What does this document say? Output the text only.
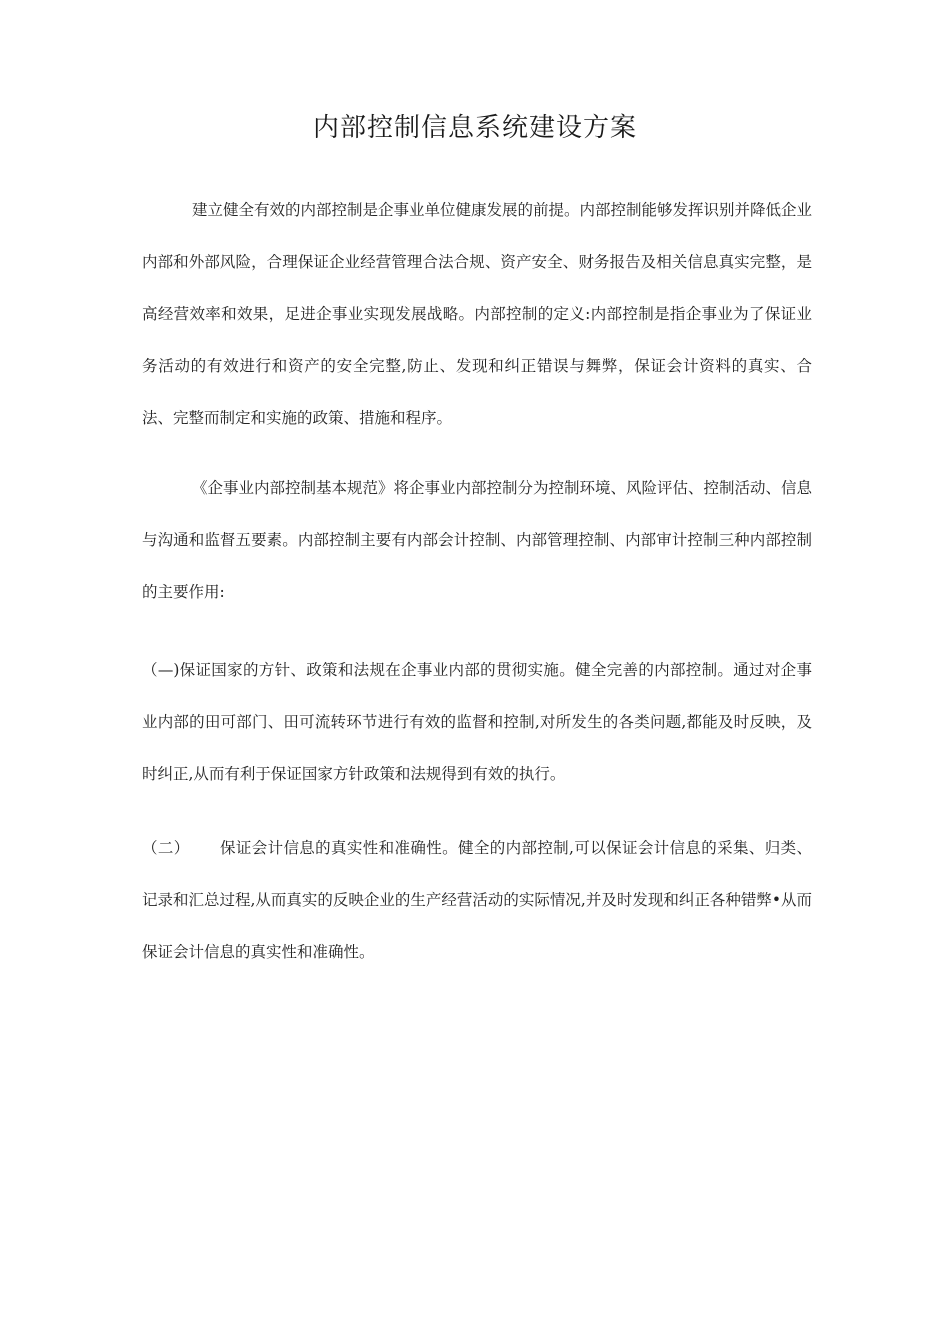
内部控制信息系统建设方案

建立健全有效的内部控制是企事业单位健康发展的前提。内部控制能够发挥识别并降低企业内部和外部风险，合理保证企业经营管理合法合规、资产安全、财务报告及相关信息真实完整，是高经营效率和效果，足进企事业实现发展战略。内部控制的定义:内部控制是指企事业为了保证业务活动的有效进行和资产的安全完整,防止、发现和纠正错误与舞弊，保证会计资料的真实、合法、完整而制定和实施的政策、措施和程序。

《企事业内部控制基本规范》将企事业内部控制分为控制环境、风险评估、控制活动、信息与沟通和监督五要素。内部控制主要有内部会计控制、内部管理控制、内部审计控制三种内部控制的主要作用:

（—)保证国家的方针、政策和法规在企事业内部的贯彻实施。健全完善的内部控制。通过对企事业内部的田可部门、田可流转环节进行有效的监督和控制,对所发生的各类问题,都能及时反映，及时纠正,从而有利于保证国家方针政策和法规得到有效的执行。

（二） 保证会计信息的真实性和准确性。健全的内部控制,可以保证会计信息的采集、归类、记录和汇总过程,从而真实的反映企业的生产经营活动的实际情况,并及时发现和纠正各种错弊•从而保证会计信息的真实性和准确性。
